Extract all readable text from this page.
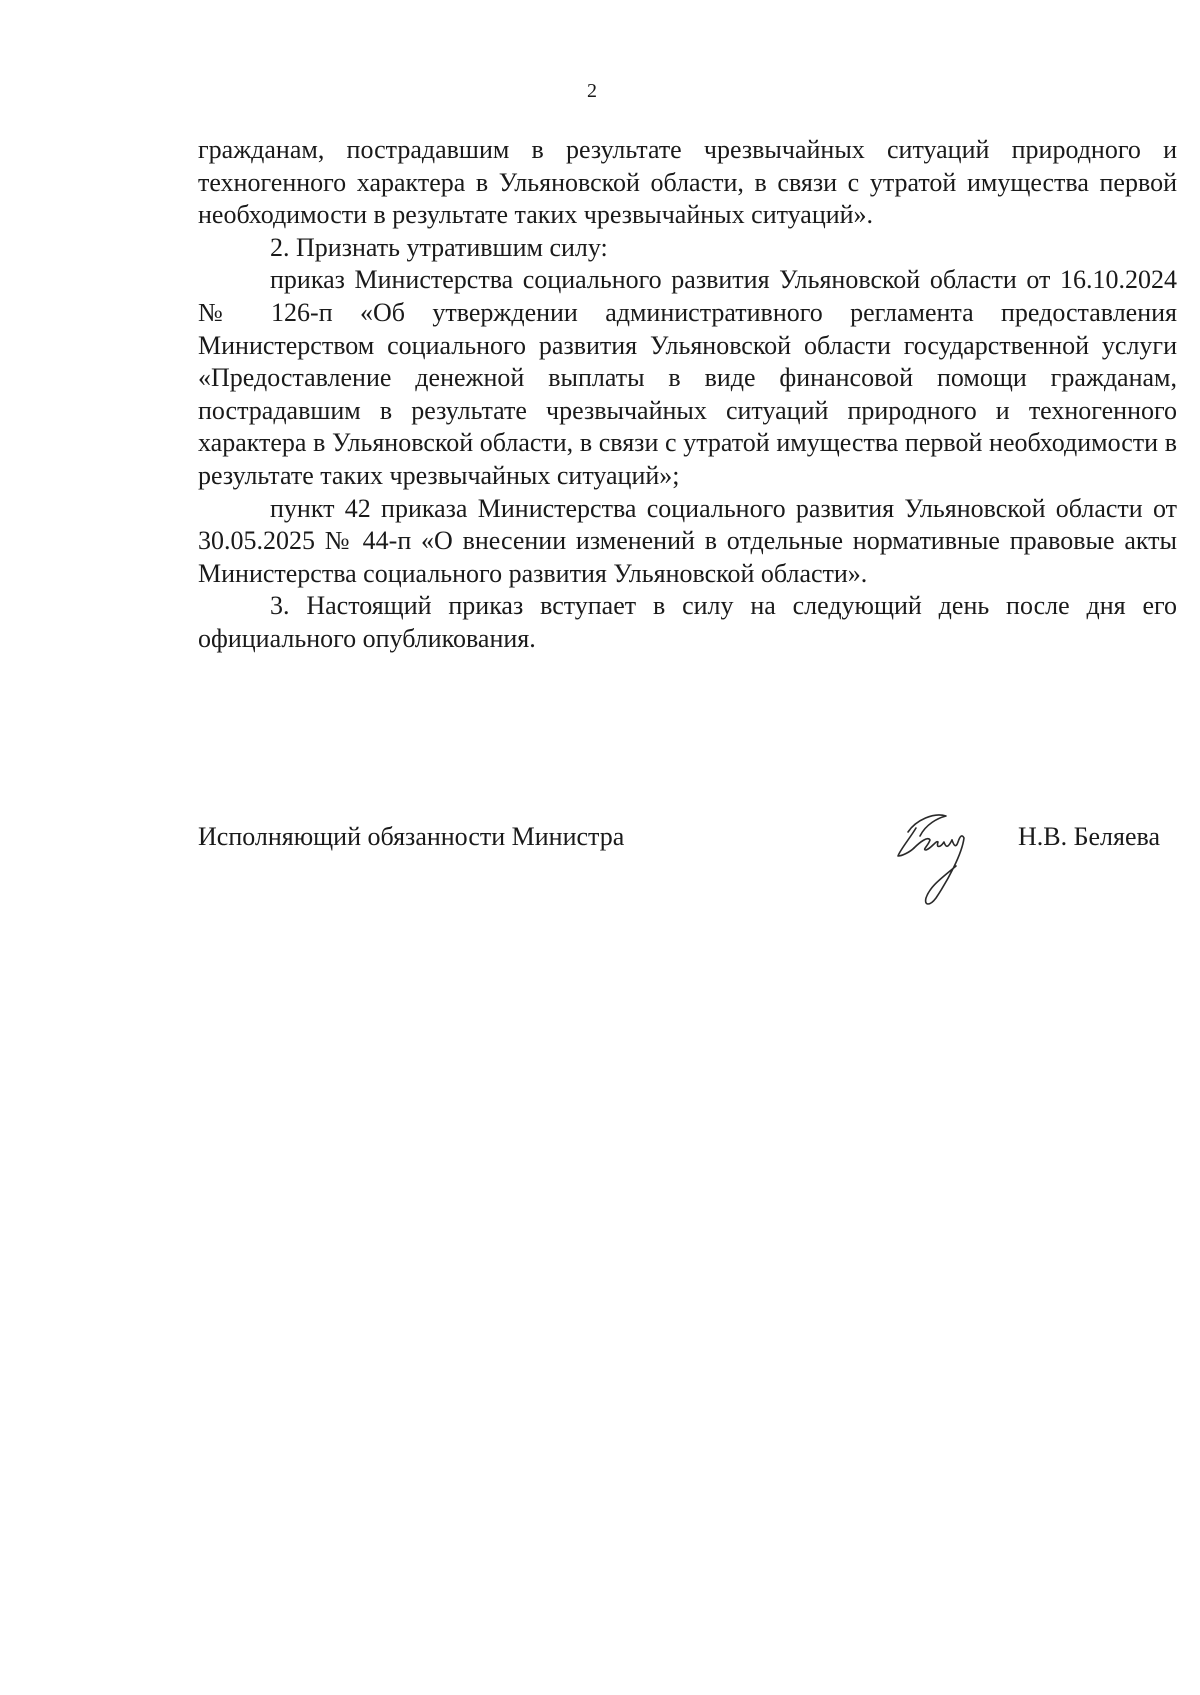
2

гражданам, пострадавшим в результате чрезвычайных ситуаций природного и техногенного характера в Ульяновской области, в связи с утратой имущества первой необходимости в результате таких чрезвычайных ситуаций».

2. Признать утратившим силу:

приказ Министерства социального развития Ульяновской области от 16.10.2024 № 126-п «Об утверждении административного регламента предоставления Министерством социального развития Ульяновской области государственной услуги «Предоставление денежной выплаты в виде финансовой помощи гражданам, пострадавшим в результате чрезвычайных ситуаций природного и техногенного характера в Ульяновской области, в связи с утратой имущества первой необходимости в результате таких чрезвычайных ситуаций»;

пункт 42 приказа Министерства социального развития Ульяновской области от 30.05.2025 № 44-п «О внесении изменений в отдельные нормативные правовые акты Министерства социального развития Ульяновской области».

3. Настоящий приказ вступает в силу на следующий день после дня его официального опубликования.

Исполняющий обязанности Министра	Н.В. Беляева
